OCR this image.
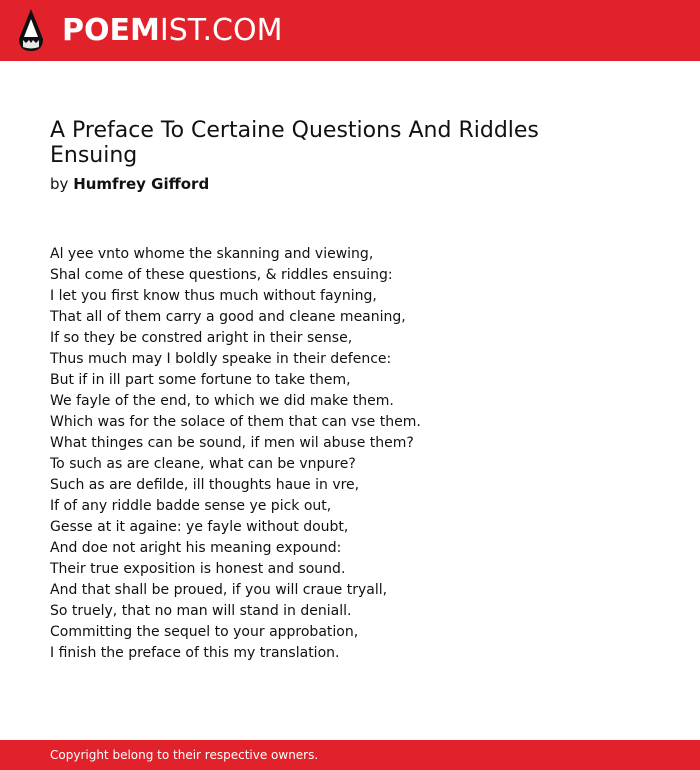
POEMIST.COM
A Preface To Certaine Questions And Riddles Ensuing
by Humfrey Gifford
Al yee vnto whome the skanning and viewing,
Shal come of these questions, & riddles ensuing:
I let you first know thus much without fayning,
That all of them carry a good and cleane meaning,
If so they be constred aright in their sense,
Thus much may I boldly speake in their defence:
But if in ill part some fortune to take them,
We fayle of the end, to which we did make them.
Which was for the solace of them that can vse them.
What thinges can be sound, if men wil abuse them?
To such as are cleane, what can be vnpure?
Such as are defilde, ill thoughts haue in vre,
If of any riddle badde sense ye pick out,
Gesse at it againe: ye fayle without doubt,
And doe not aright his meaning expound:
Their true exposition is honest and sound.
And that shall be proued, if you will craue tryall,
So truely, that no man will stand in deniall.
Committing the sequel to your approbation,
I finish the preface of this my translation.
Copyright belong to their respective owners.
